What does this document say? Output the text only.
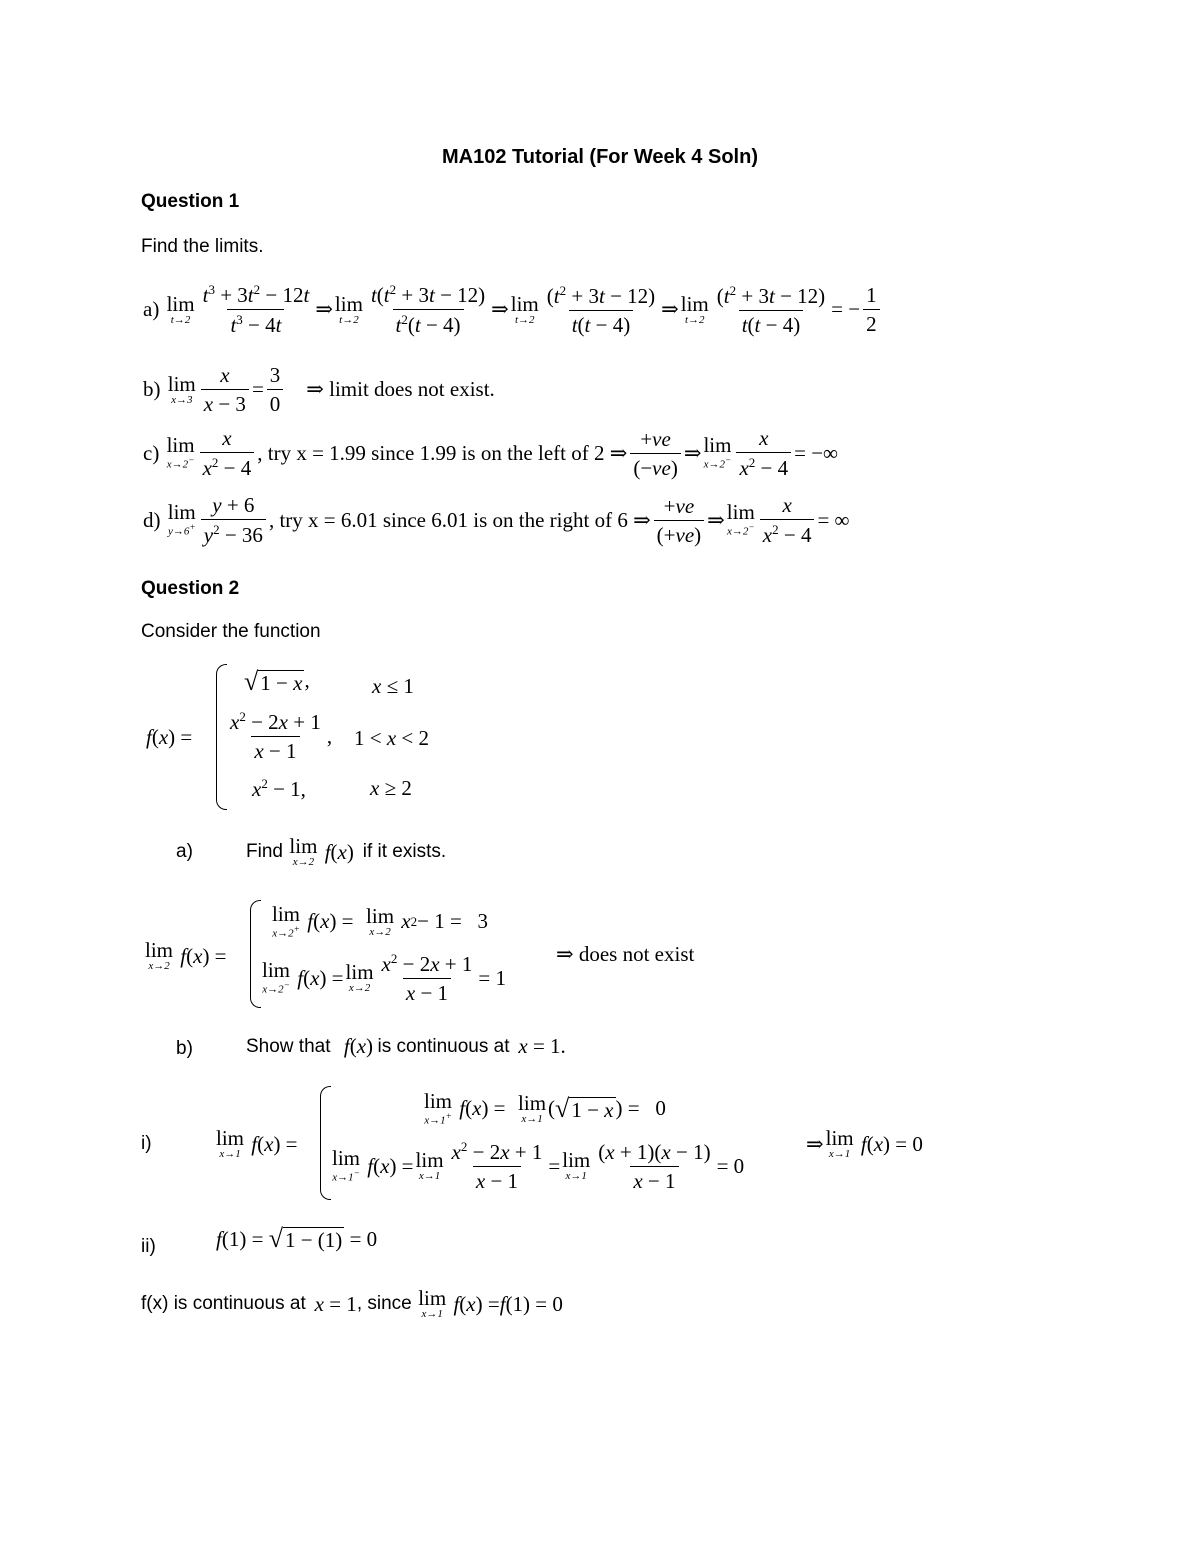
MA102 Tutorial (For Week 4 Soln)
Question 1
Find the limits.
a)
lim
$t\to 2 \frac{t^3 + 3t^2 - 12t}{t^3 - 4t}$ ⇒ lim
$t\to 2 \frac{t(t^2 + 3t - 12)}{t^2(t - 4)}$ ⇒ lim
$t\to 2 \frac{(t^2 + 3t - 12)}{t(t - 4)}$ ⇒ lim
$t\to 2 \frac{(t^2 + 3t - 12)}{t(t - 4)}$ = − $\frac{1}{2}$
b)
lim
$x\to 3 \frac{x}{x - 3} = \frac{3}{0}$ ⇒ limit does not exist.
c)
lim
$x\to 2^- \frac{x}{x^2 - 4}$ , try x = 1.99 since 1.99 is on the left of 2 ⇒ $\frac{+ve}{(-ve)}$ ⇒ lim
$x\to 2^- \frac{x}{x^2 - 4}$ = −∞
d)
lim
$y\to 6^+ \frac{y + 6}{y^2 - 36}$ , try x = 6.01 since 6.01 is on the right of 6 ⇒ $\frac{+ve}{(+ve)}$ ⇒ lim
$x\to 2^- \frac{x}{x^2 - 4}$ = ∞
Question 2
Consider the function
f(x) =
√ 1 − x ,	x ≤ 1
$\frac{x^2 - 2x + 1}{x - 1}$ , 1 < x < 2
$x^2 - 1$,	x ≥ 2
a)	Find
lim
x→2
f ( x )
if it exists.
lim
x→2
f ( x ) =
lim
x→2+
f ( x ) = lim
x→2
x 2 − 1 =   3
lim
x→2−
f ( x ) = lim
$x\to 2 \frac{x^2 - 2x + 1}{x - 1} = 1$
⇒ does not exist
b)	Show that
f(x)
is continuous at
x = 1.
i)	lim
x→1
f ( x ) =
lim
x→1+
f ( x ) = lim
x→1 ( √ 1 − x ) =   0
lim
x→1−
f ( x ) = lim
$x\to 1 \frac{x^2 - 2x + 1}{x - 1} = \lim$
$x\to 1 \frac{(x + 1)(x - 1)}{x - 1} = 0$
⇒ lim
x→1
f ( x ) = 0
ii)	f (1) = √ 1 − (1) = 0
f(x) is continuous at
x = 1 , since
lim
x→1
f ( x ) = f (1) = 0
